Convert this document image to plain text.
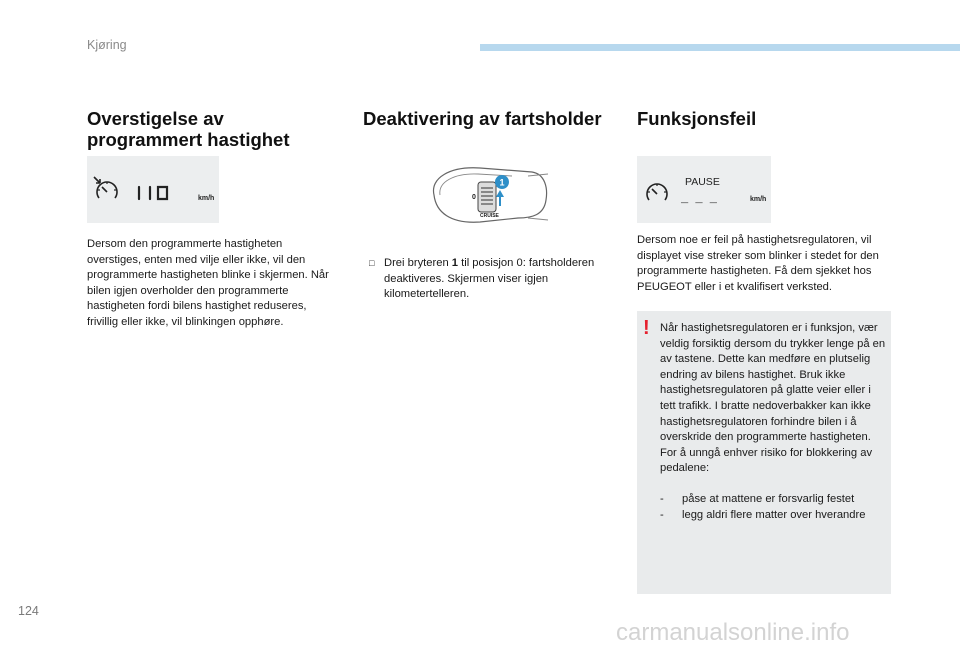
Kjøring
Overstigelse av
programmert hastighet
km/h

Dersom den programmerte hastigheten overstiges, enten med vilje eller ikke, vil den programmerte hastigheten blinke i skjermen. Når bilen igjen overholder den programmerte hastigheten fordi bilens hastighet reduseres, frivillig eller ikke, vil blinkingen opphøre.

Deaktivering av fartsholder
1
0
CRUISE
□ Drei bryteren 1 til posisjon 0: fartsholderen deaktiveres. Skjermen viser igjen kilometertelleren.
Funksjonsfeil
PAUSE
_ _ _	km/h

Dersom noe er feil på hastighetsregulatoren, vil displayet vise streker som blinker i stedet for den programmerte hastigheten. Få dem sjekket hos PEUGEOT eller i et kvalifisert verksted.

! Når hastighetsregulatoren er i funksjon, vær veldig forsiktig dersom du trykker lenge på en av tastene. Dette kan medføre en plutselig endring av bilens hastighet. Bruk ikke hastighetsregulatoren på glatte veier eller i tett trafikk. I bratte nedoverbakker kan ikke hastighetsregulatoren forhindre bilen i å overskride den programmerte hastigheten. For å unngå enhver risiko for blokkering av pedalene:

- påse at mattene er forsvarlig festet
- legg aldri flere matter over hverandre
124
carmanualsonline.info
